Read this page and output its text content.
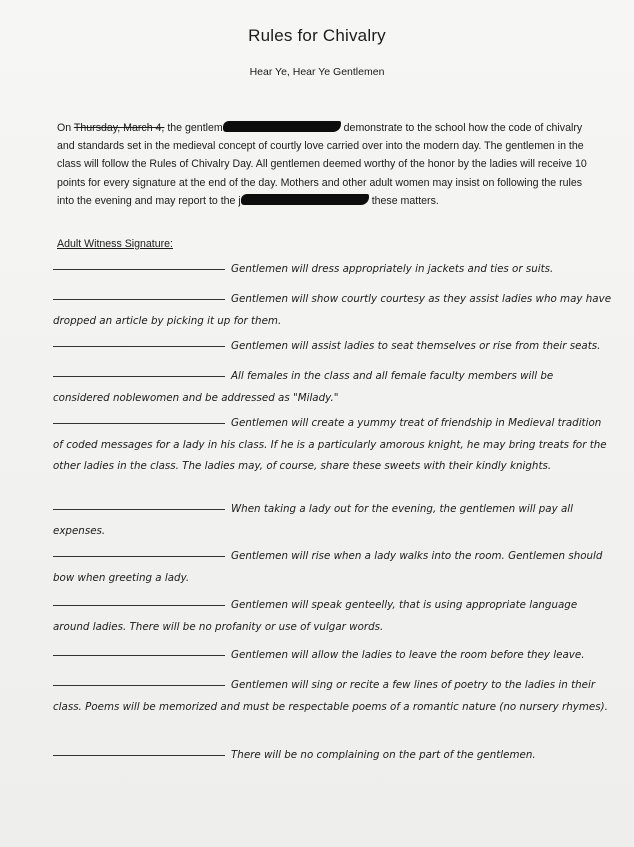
Rules for Chivalry
Hear Ye, Hear Ye Gentlemen
On Thursday, March 4, the gentlem	demonstrate to the school how the code of chivalry and standards set in the medieval concept of courtly love carried over into the modern day. The gentlemen in the class will follow the Rules of Chivalry Day. All gentlemen deemed worthy of the honor by the ladies will receive 10 points for every signature at the end of the day. Mothers and other adult women may insist on following the rules into the evening and may report to the j	these matters.
Adult Witness Signature:
Gentlemen will dress appropriately in jackets and ties or suits.
Gentlemen will show courtly courtesy as they assist ladies who may have dropped an article by picking it up for them.
Gentlemen will assist ladies to seat themselves or rise from their seats.
All females in the class and all female faculty members will be considered noblewomen and be addressed as "Milady."
Gentlemen will create a yummy treat of friendship in Medieval tradition of coded messages for a lady in his class. If he is a particularly amorous knight, he may bring treats for the other ladies in the class. The ladies may, of course, share these sweets with their kindly knights.
When taking a lady out for the evening, the gentlemen will pay all expenses.
Gentlemen will rise when a lady walks into the room. Gentlemen should bow when greeting a lady.
Gentlemen will speak genteelly, that is using appropriate language around ladies. There will be no profanity or use of vulgar words.
Gentlemen will allow the ladies to leave the room before they leave.
Gentlemen will sing or recite a few lines of poetry to the ladies in their class. Poems will be memorized and must be respectable poems of a romantic nature (no nursery rhymes).
There will be no complaining on the part of the gentlemen.
